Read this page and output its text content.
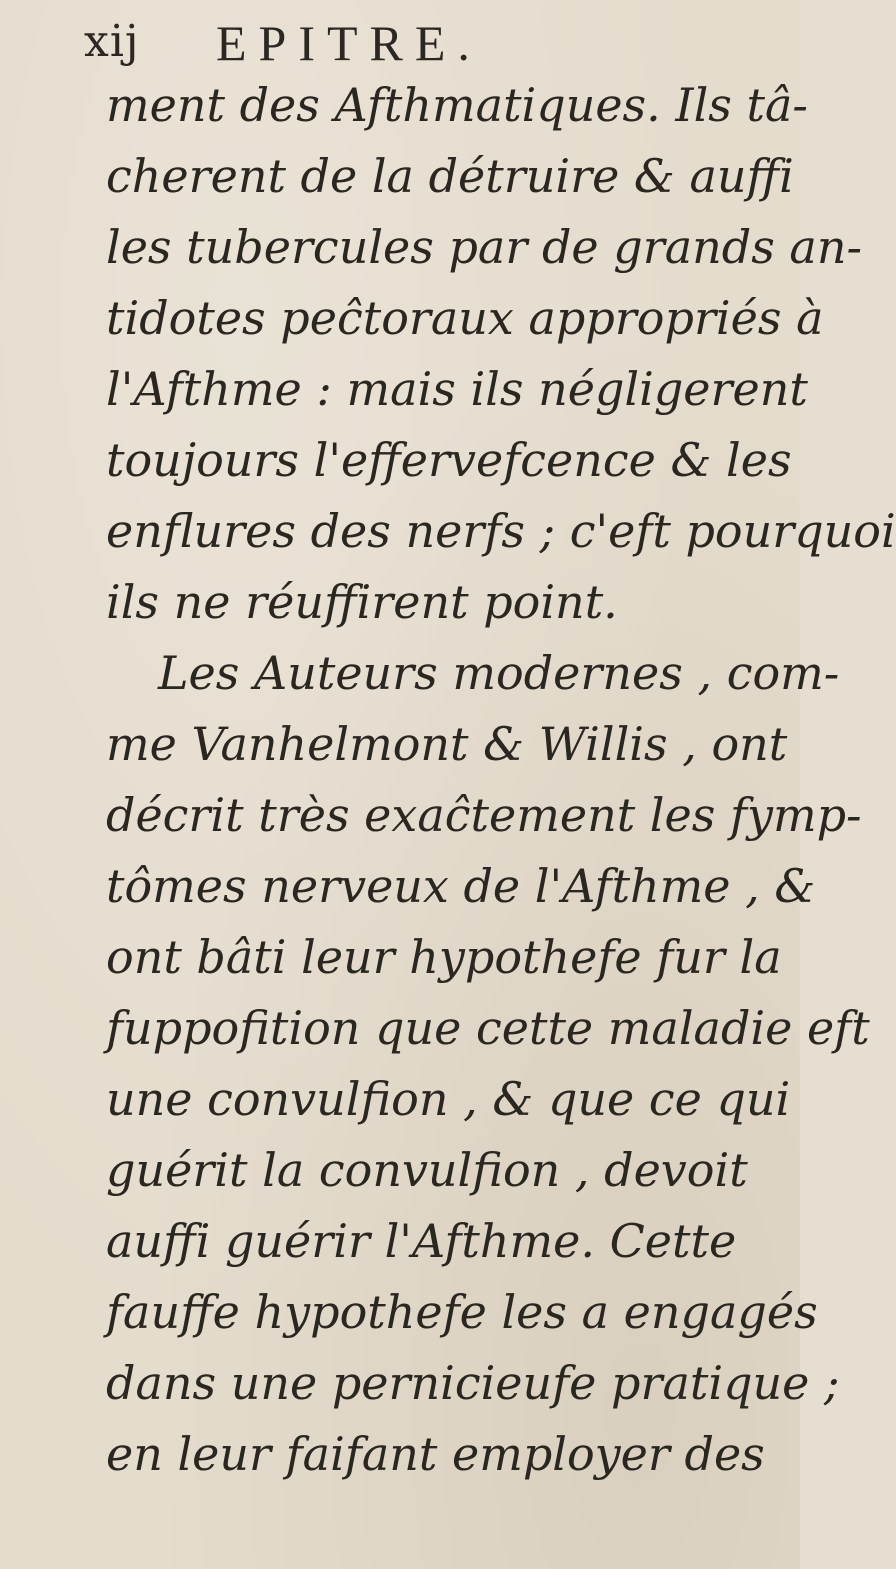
xij EPITRE.
ment des Afthmatiques. Ils tâ-
cherent de la détruire & auffi
les tubercules par de grands an-
tidotes peĉtoraux appropriés à
l'Afthme : mais ils négligerent
toujours l'effervefcence & les
enflures des nerfs ; c'eft pourquoi
ils ne réuffirent point.
Les Auteurs modernes , com-
me Vanhelmont & Willis , ont
décrit très exaĉtement les fymp-
tômes nerveux de l'Afthme , &
ont bâti leur hypothefe fur la
fuppofition que cette maladie eft
une convulfion , & que ce qui
guérit la convulfion , devoit
auffi guérir l'Afthme. Cette
fauffe hypothefe les a engagés
dans une pernicieufe pratique ;
en leur faifant employer des
